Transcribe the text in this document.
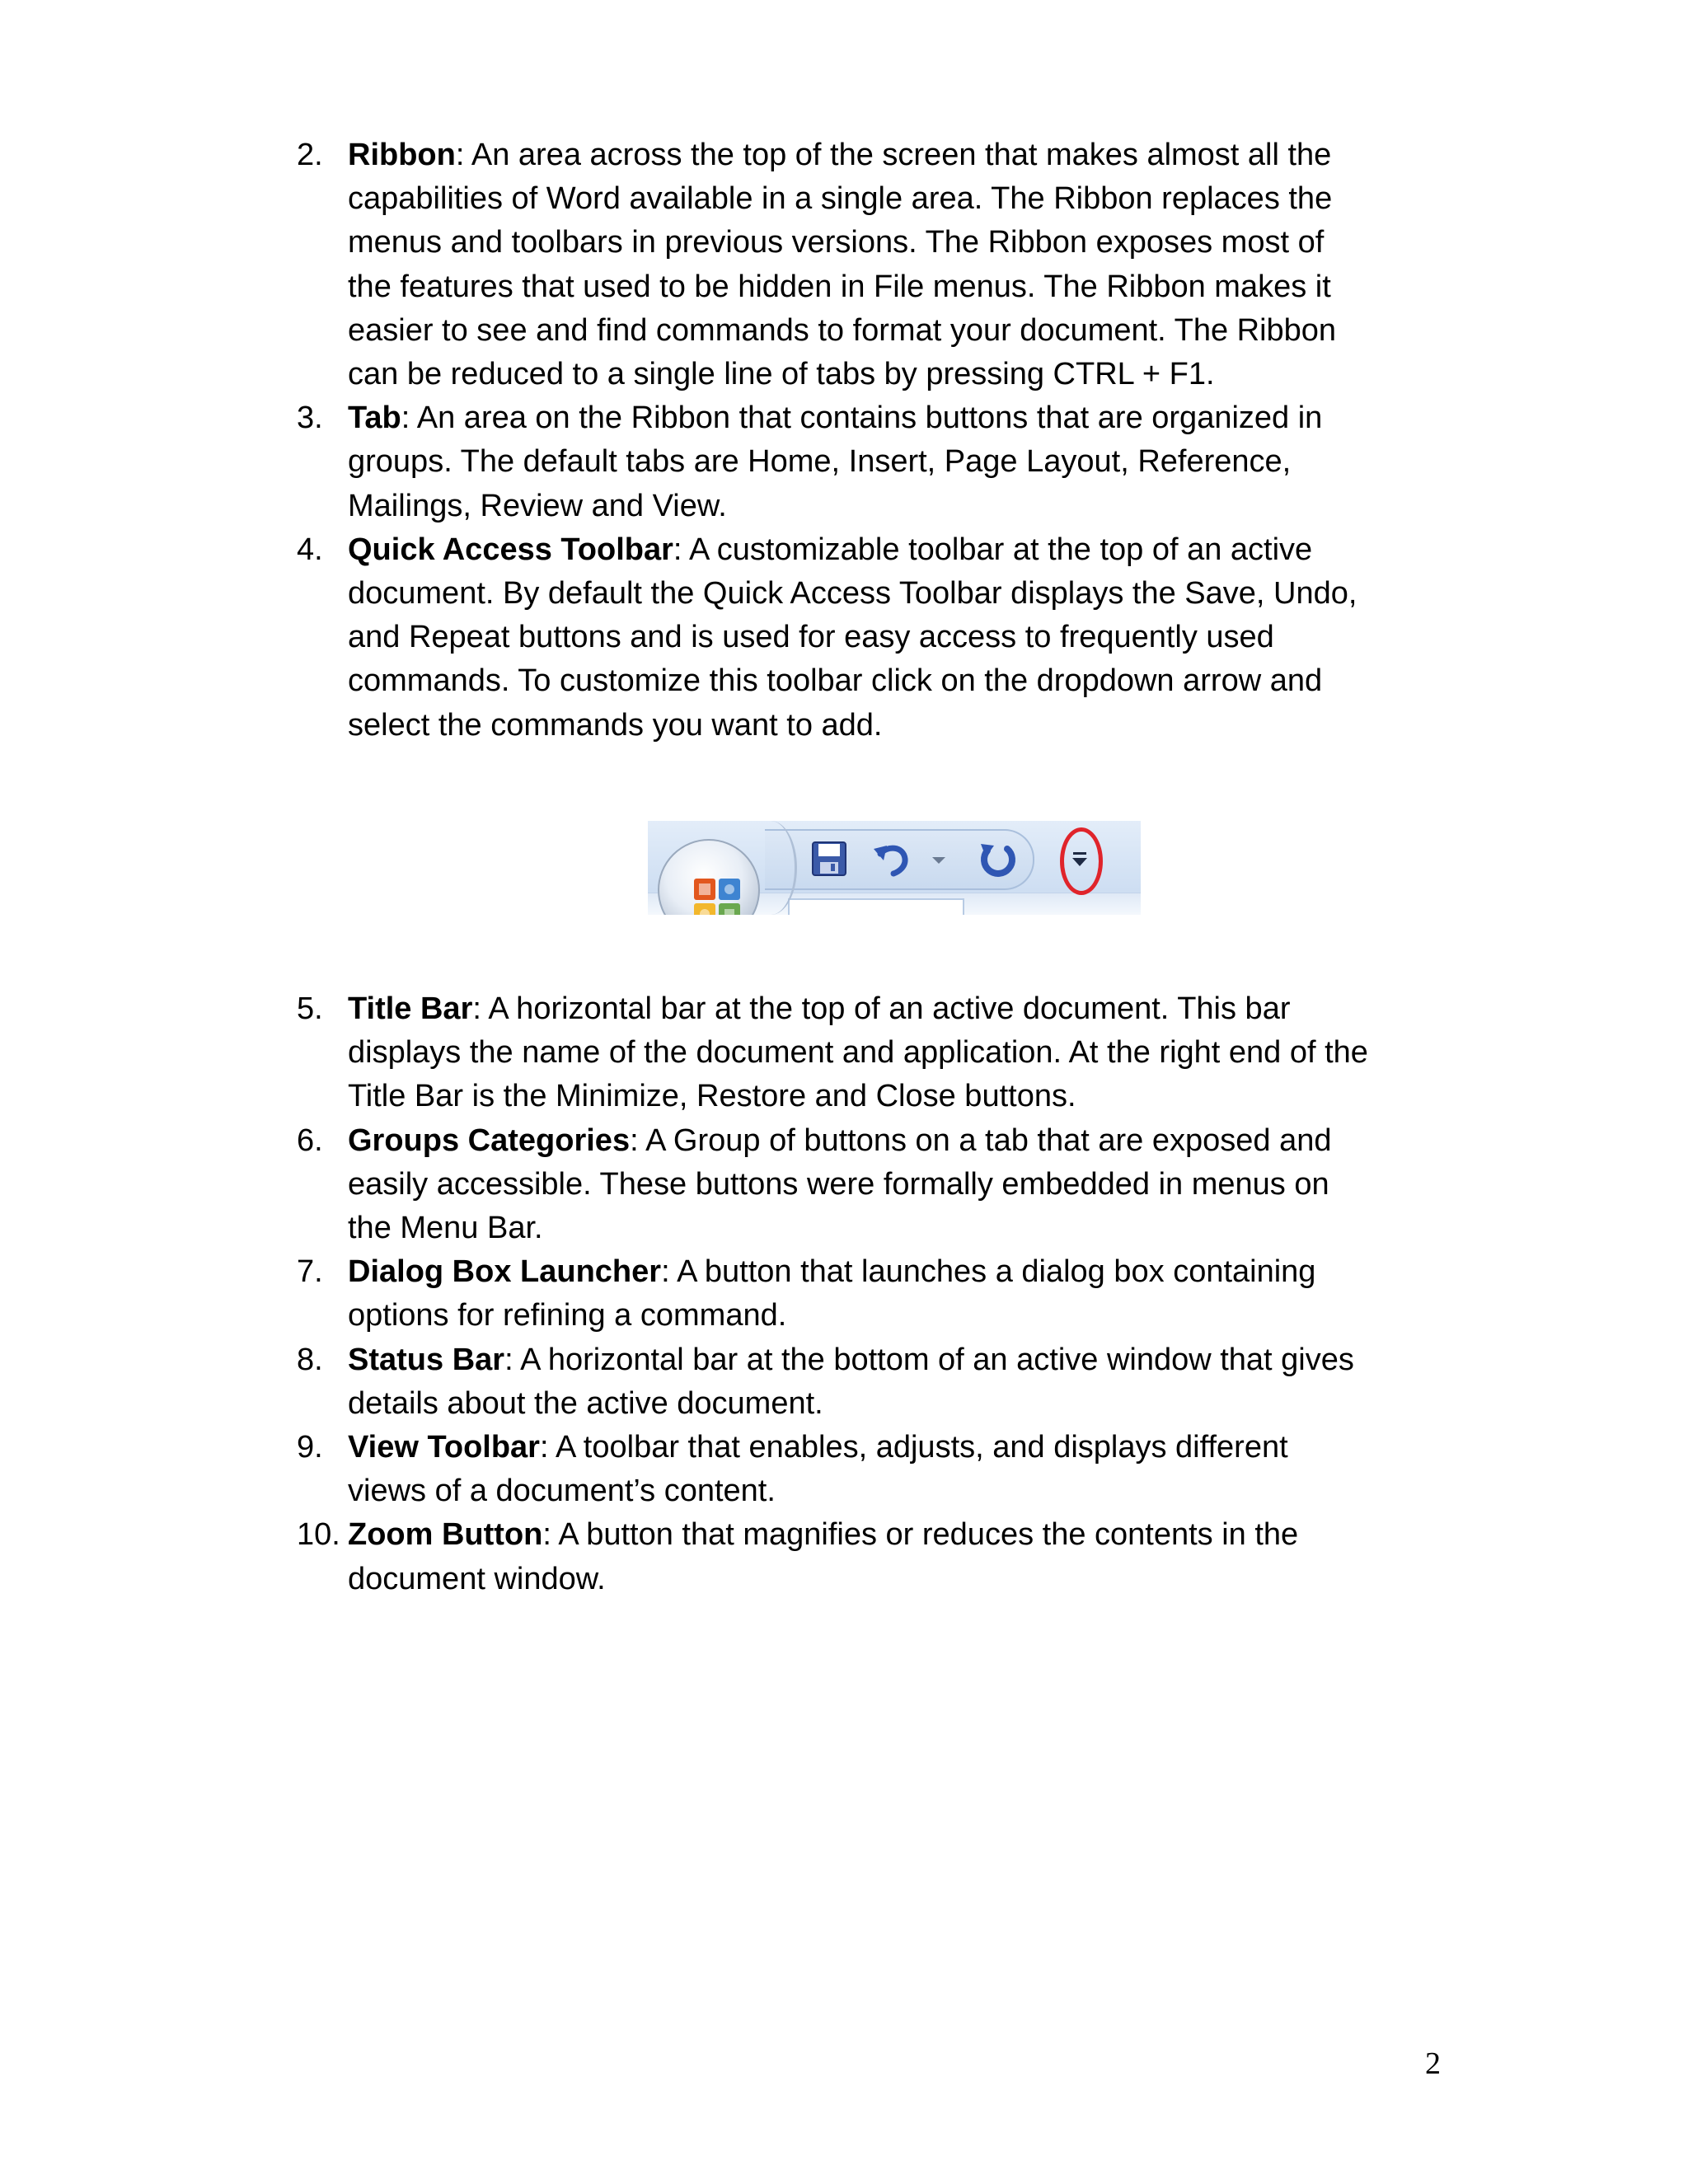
2. Ribbon: An area across the top of the screen that makes almost all the
capabilities of Word available in a single area. The Ribbon replaces the
menus and toolbars in previous versions. The Ribbon exposes most of
the features that used to be hidden in File menus. The Ribbon makes it
easier to see and find commands to format your document. The Ribbon
can be reduced to a single line of tabs by pressing CTRL + F1.
3. Tab: An area on the Ribbon that contains buttons that are organized in
groups. The default tabs are Home, Insert, Page Layout, Reference,
Mailings, Review and View.
4. Quick Access Toolbar: A customizable toolbar at the top of an active
document. By default the Quick Access Toolbar displays the Save, Undo,
and Repeat buttons and is used for easy access to frequently used
commands. To customize this toolbar click on the dropdown arrow and
select the commands you want to add.
5. Title Bar: A horizontal bar at the top of an active document. This bar
displays the name of the document and application. At the right end of the
Title Bar is the Minimize, Restore and Close buttons.
6. Groups Categories: A Group of buttons on a tab that are exposed and
easily accessible. These buttons were formally embedded in menus on
the Menu Bar.
7. Dialog Box Launcher: A button that launches a dialog box containing
options for refining a command.
8. Status Bar: A horizontal bar at the bottom of an active window that gives
details about the active document.
9. View Toolbar: A toolbar that enables, adjusts, and displays different
views of a document’s content.
10. Zoom Button: A button that magnifies or reduces the contents in the
document window.
2
